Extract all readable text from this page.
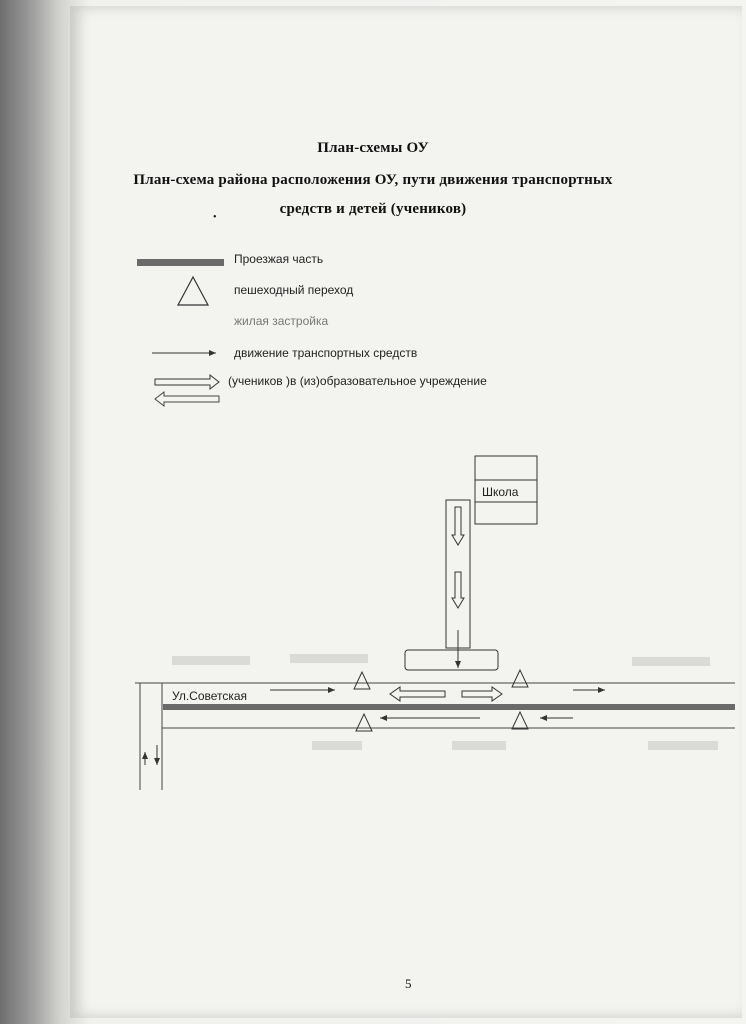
План-схемы ОУ
План-схема района расположения ОУ, пути движения транспортных
средств и детей (учеников)
•
Проезжая часть
пешеходный переход
жилая застройка
движение транспортных средств
(учеников )в (из)образовательное учреждение
Школа
Ул.Советская
5
